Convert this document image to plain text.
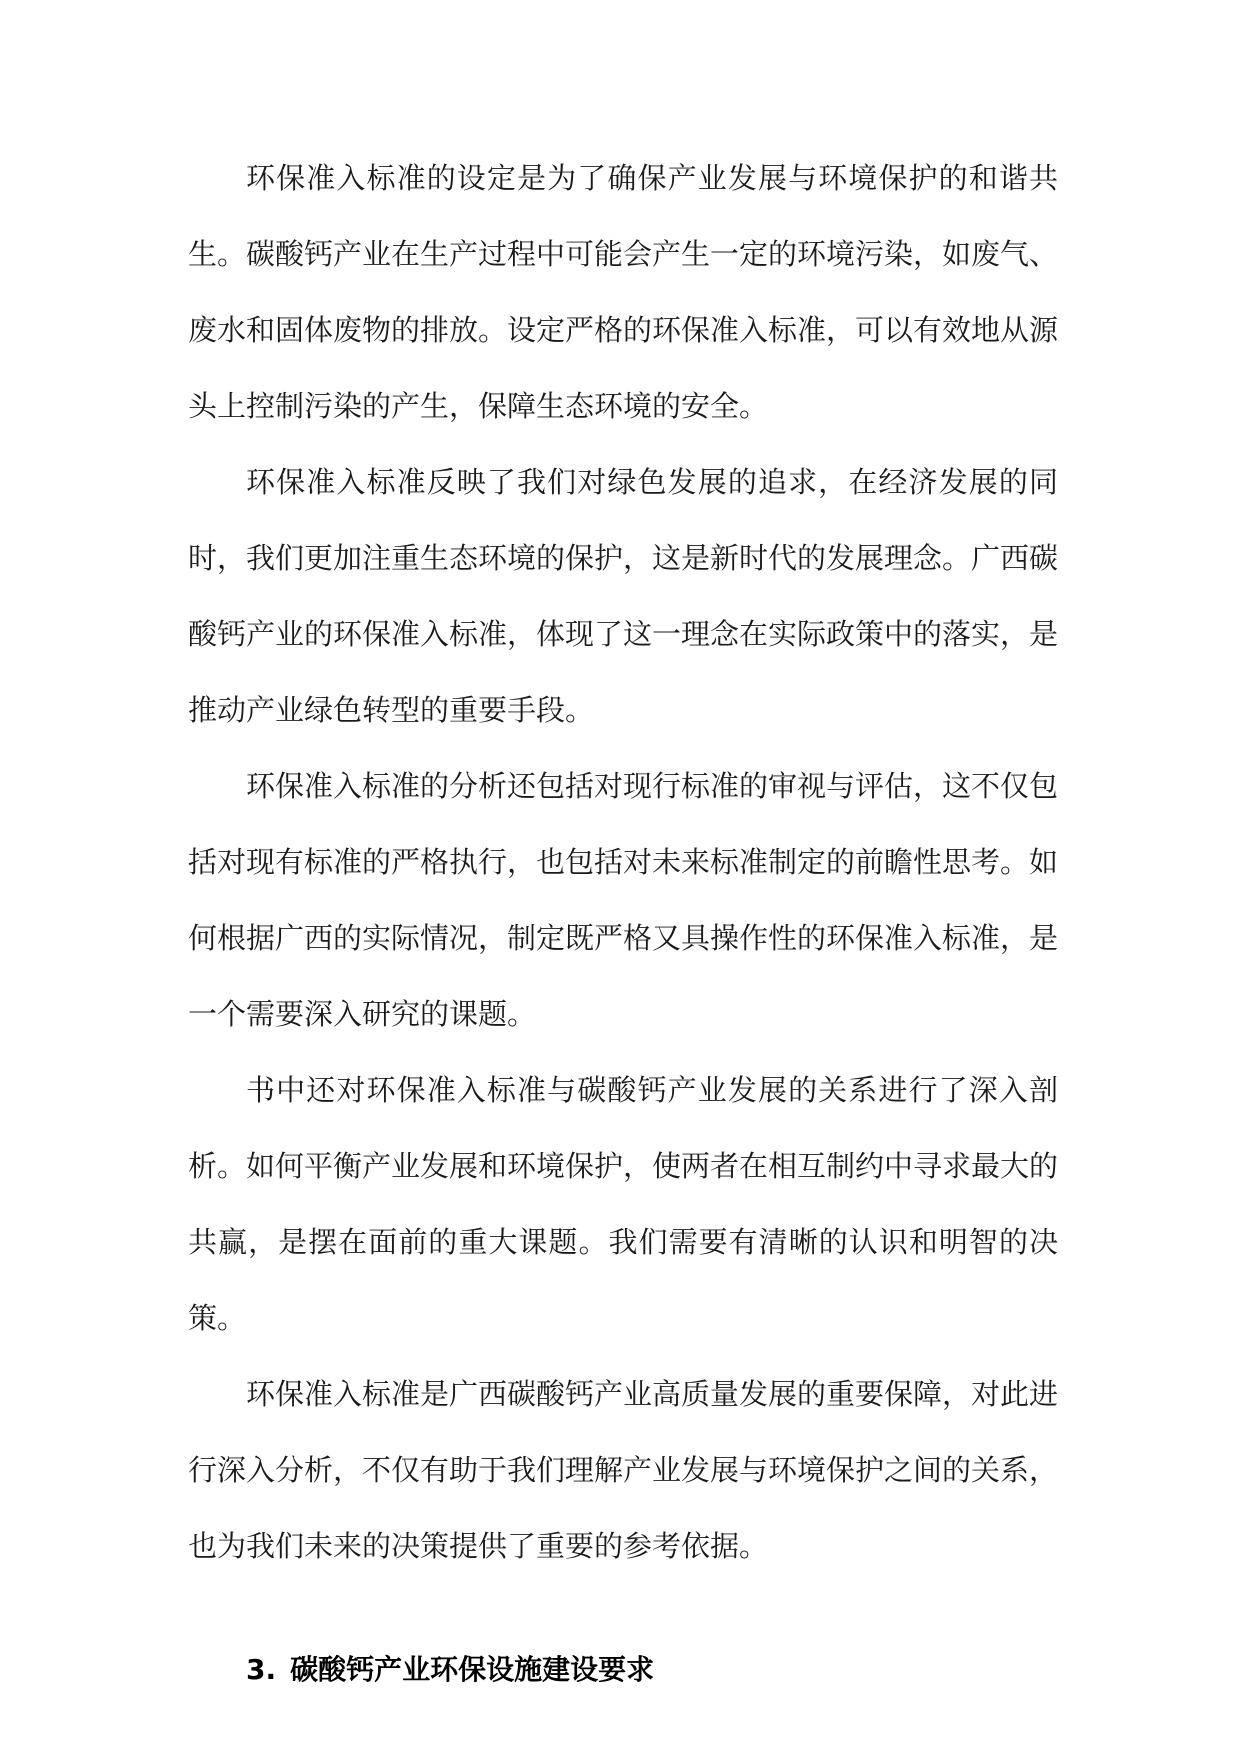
环保准入标准的设定是为了确保产业发展与环境保护的和谐共生。碳酸钙产业在生产过程中可能会产生一定的环境污染，如废气、废水和固体废物的排放。设定严格的环保准入标准，可以有效地从源头上控制污染的产生，保障生态环境的安全。

环保准入标准反映了我们对绿色发展的追求，在经济发展的同时，我们更加注重生态环境的保护，这是新时代的发展理念。广西碳酸钙产业的环保准入标准，体现了这一理念在实际政策中的落实，是推动产业绿色转型的重要手段。

环保准入标准的分析还包括对现行标准的审视与评估，这不仅包括对现有标准的严格执行，也包括对未来标准制定的前瞻性思考。如何根据广西的实际情况，制定既严格又具操作性的环保准入标准，是一个需要深入研究的课题。

书中还对环保准入标准与碳酸钙产业发展的关系进行了深入剖析。如何平衡产业发展和环境保护，使两者在相互制约中寻求最大的共赢，是摆在面前的重大课题。我们需要有清晰的认识和明智的决策。

环保准入标准是广西碳酸钙产业高质量发展的重要保障，对此进行深入分析，不仅有助于我们理解产业发展与环境保护之间的关系，也为我们未来的决策提供了重要的参考依据。

3. 碳酸钙产业环保设施建设要求
